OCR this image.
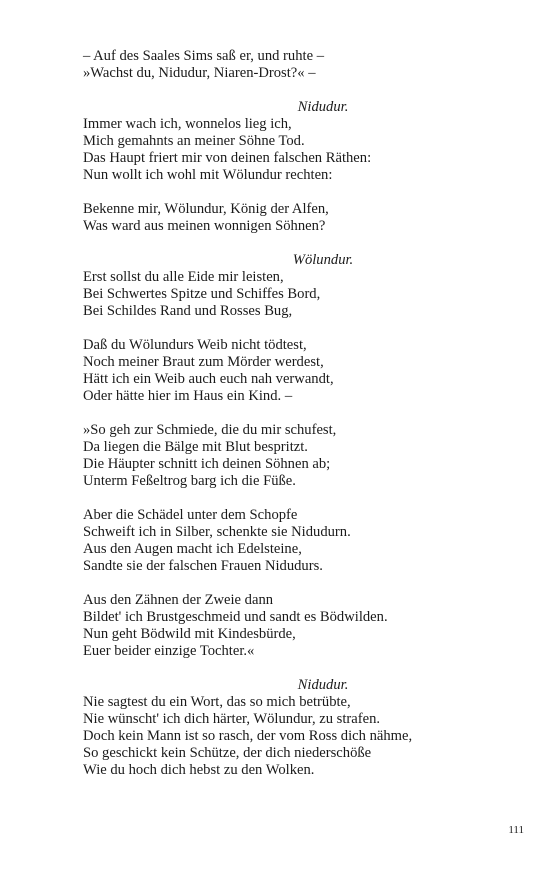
– Auf des Saales Sims saß er, und ruhte –
»Wachst du, Nidudur, Niaren-Drost?« –
Nidudur.
Immer wach ich, wonnelos lieg ich,
Mich gemahnts an meiner Söhne Tod.
Das Haupt friert mir von deinen falschen Räthen:
Nun wollt ich wohl mit Wölundur rechten:
Bekenne mir, Wölundur, König der Alfen,
Was ward aus meinen wonnigen Söhnen?
Wölundur.
Erst sollst du alle Eide mir leisten,
Bei Schwertes Spitze und Schiffes Bord,
Bei Schildes Rand und Rosses Bug,
Daß du Wölundurs Weib nicht tödtest,
Noch meiner Braut zum Mörder werdest,
Hätt ich ein Weib auch euch nah verwandt,
Oder hätte hier im Haus ein Kind. –
»So geh zur Schmiede, die du mir schufest,
Da liegen die Bälge mit Blut bespritzt.
Die Häupter schnitt ich deinen Söhnen ab;
Unterm Feßeltrog barg ich die Füße.
Aber die Schädel unter dem Schopfe
Schweift ich in Silber, schenkte sie Nidudurn.
Aus den Augen macht ich Edelsteine,
Sandte sie der falschen Frauen Nidudurs.
Aus den Zähnen der Zweie dann
Bildet' ich Brustgeschmeid und sandt es Bödwilden.
Nun geht Bödwild mit Kindesbürde,
Euer beider einzige Tochter.«
Nidudur.
Nie sagtest du ein Wort, das so mich betrübte,
Nie wünscht' ich dich härter, Wölundur, zu strafen.
Doch kein Mann ist so rasch, der vom Ross dich nähme,
So geschickt kein Schütze, der dich niederschöße
Wie du hoch dich hebst zu den Wolken.
111
